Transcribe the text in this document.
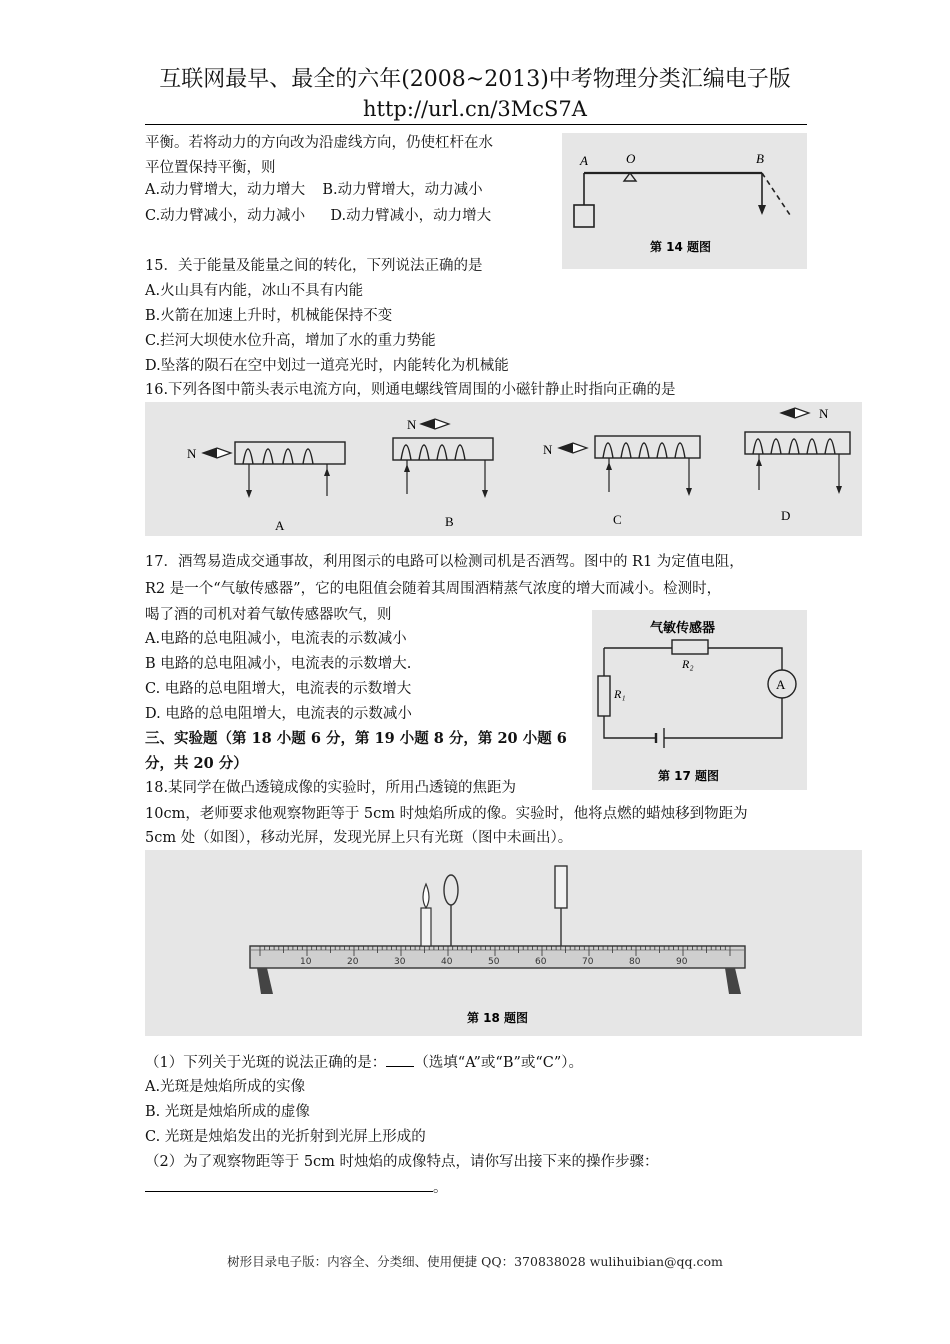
互联网最早、最全的六年(2008~2013)中考物理分类汇编电子版
http://url.cn/3McS7A
平衡。若将动力的方向改为沿虚线方向，仍使杠杆在水
平位置保持平衡，则
A.动力臂增大，动力增大 B.动力臂增大，动力减小
C.动力臂减小，动力减小 D.动力臂减小，动力增大
A	O	B
第 14 题图
15．关于能量及能量之间的转化，下列说法正确的是
A.火山具有内能，冰山不具有内能
B.火箭在加速上升时，机械能保持不变
C.拦河大坝使水位升高，增加了水的重力势能
D.坠落的陨石在空中划过一道亮光时，内能转化为机械能
16.下列各图中箭头表示电流方向，则通电螺线管周围的小磁针静止时指向正确的是
N
A
N
B
N
C
N
D
17．酒驾易造成交通事故，利用图示的电路可以检测司机是否酒驾。图中的 R1 为定值电阻，
R2 是一个“气敏传感器”，它的电阻值会随着其周围酒精蒸气浓度的增大而减小。检测时，
喝了酒的司机对着气敏传感器吹气，则
A.电路的总电阻减小，电流表的示数减小
B 电路的总电阻减小，电流表的示数增大.
C. 电路的总电阻增大，电流表的示数增大
D. 电路的总电阻增大，电流表的示数减小
气敏传感器
A
R₂
R₁
第 17 题图
三、实验题（第 18 小题 6 分，第 19 小题 8 分，第 20 小题 6
分，共 20 分）
18.某同学在做凸透镜成像的实验时，所用凸透镜的焦距为
10cm，老师要求他观察物距等于 5cm 时烛焰所成的像。实验时，他将点燃的蜡烛移到物距为
5cm 处（如图），移动光屏，发现光屏上只有光斑（图中未画出）。
10	20	30	40	50	60	70	80	90
第 18 题图
（1）下列关于光斑的说法正确的是： （选填“A”或“B”或“C”）。
A.光斑是烛焰所成的实像
B. 光斑是烛焰所成的虚像
C. 光斑是烛焰发出的光折射到光屏上形成的
（2）为了观察物距等于 5cm 时烛焰的成像特点，请你写出接下来的操作步骤：
。
树形目录电子版：内容全、分类细、使用便捷 QQ：370838028 wulihuibian@qq.com
